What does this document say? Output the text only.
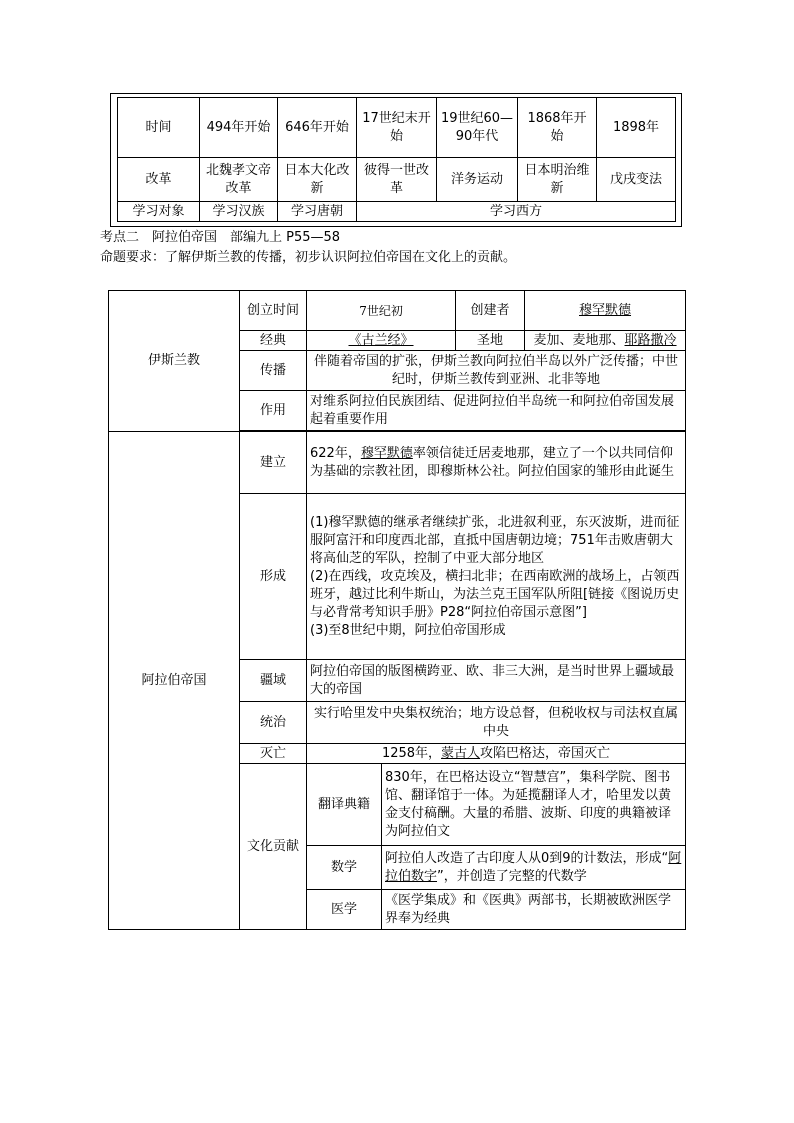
时间	494年开始	646年开始	17世纪末开始	19世纪60—90年代	1868年开始	1898年
改革	北魏孝文帝改革	日本大化改新	彼得一世改革	洋务运动	日本明治维新	戊戌变法
学习对象	学习汉族	学习唐朝	学习西方			
考点二　阿拉伯帝国　部编九上 P55—58
命题要求：了解伊斯兰教的传播，初步认识阿拉伯帝国在文化上的贡献。
伊斯兰教	创立时间	7世纪初		创建者	穆罕默德
	经典	《古兰经》		圣地	麦加、麦地那、耶路撒冷
	传播	伴随着帝国的扩张，伊斯兰教向阿拉伯半岛以外广泛传播；中世纪时，伊斯兰教传到亚洲、北非等地			
	作用	对维系阿拉伯民族团结、促进阿拉伯半岛统一和阿拉伯帝国发展起着重要作用			

阿拉伯帝国	建立	622年，穆罕默德率领信徒迁居麦地那，建立了一个以共同信仰为基础的宗教社团，即穆斯林公社。阿拉伯国家的雏形由此诞生			
	形成	(1)穆罕默德的继承者继续扩张，北进叙利亚，东灭波斯，进而征服阿富汗和印度西北部，直抵中国唐朝边境；751年击败唐朝大将高仙芝的军队，控制了中亚大部分地区
(2)在西线，攻克埃及，横扫北非；在西南欧洲的战场上，占领西班牙，越过比利牛斯山，为法兰克王国军队所阻[链接《图说历史与必背常考知识手册》P28“阿拉伯帝国示意图”]
(3)至8世纪中期，阿拉伯帝国形成			

	疆域	阿拉伯帝国的版图横跨亚、欧、非三大洲，是当时世界上疆域最大的帝国			
	统治	实行哈里发中央集权统治；地方设总督，但税收权与司法权直属中央			
	灭亡	1258年，蒙古人攻陷巴格达，帝国灭亡			
	文化贡献	翻译典籍	830年，在巴格达设立“智慧宫”，集科学院、图书馆、翻译馆于一体。为延揽翻译人才，哈里发以黄金支付稿酬。大量的希腊、波斯、印度的典籍被译为阿拉伯文		
		数学	阿拉伯人改造了古印度人从0到9的计数法，形成“阿拉伯数字”，并创造了完整的代数学		
		医学	《医学集成》和《医典》两部书，长期被欧洲医学界奉为经典		
